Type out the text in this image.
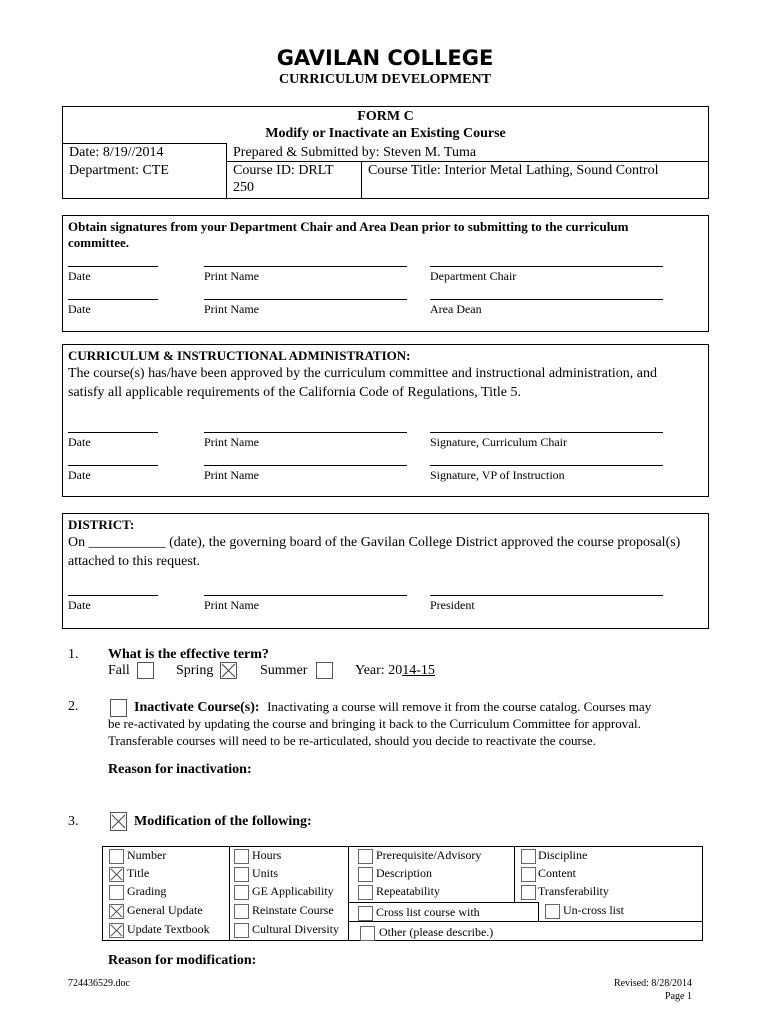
GAVILAN COLLEGE
CURRICULUM DEVELOPMENT
FORM C
Modify or Inactivate an Existing Course
Date: 8/19//2014
Department: CTE
Prepared & Submitted by: Steven M. Tuma
Course ID: DRLT
250
Course Title: Interior Metal Lathing, Sound Control
Obtain signatures from your Department Chair and Area Dean prior to submitting to the curriculum committee.
Date	Print Name	Department Chair
Date	Print Name	Area Dean
CURRICULUM & INSTRUCTIONAL ADMINISTRATION:
The course(s) has/have been approved by the curriculum committee and instructional administration, and satisfy all applicable requirements of the California Code of Regulations, Title 5.
Date	Print Name	Signature, Curriculum Chair
Date	Print Name	Signature, VP of Instruction
DISTRICT:
On ___________ (date), the governing board of the Gavilan College District approved the course proposal(s) attached to this request.
Date	Print Name	President
1. What is the effective term?
Fall	Spring	Summer	Year: 2014-15
2.	Inactivate Course(s): Inactivating a course will remove it from the course catalog. Courses may
be re-activated by updating the course and bringing it back to the Curriculum Committee for approval.
Transferable courses will need to be re-articulated, should you decide to reactivate the course.
Reason for inactivation:
3.	Modification of the following:
Number
Title
Grading
General Update
Update Textbook
Hours
Units
GE Applicability
Reinstate Course
Cultural Diversity
Prerequisite/Advisory
Description
Repeatability
Cross list course with
Other (please describe.)
Discipline
Content
Transferability
Un-cross list
Reason for modification:
724436529.doc	Revised: 8/28/2014
Page 1
